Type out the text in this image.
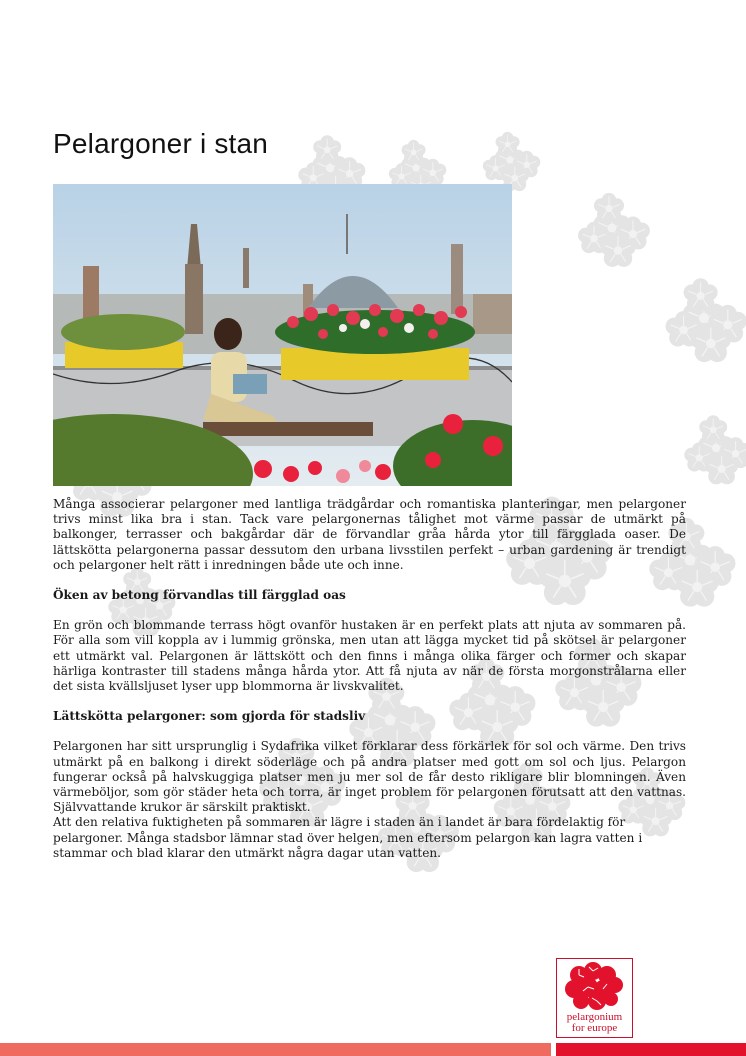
Pelargoner i stan

Många associerar pelargoner med lantliga trädgårdar och romantiska planteringar, men pelargoner trivs minst lika bra i stan. Tack vare pelargonernas tålighet mot värme passar de utmärkt på balkonger, terrasser och bakgårdar där de förvandlar gråa hårda ytor till färgglada oaser. De lättskötta pelargonerna passar dessutom den urbana livsstilen perfekt – urban gardening är trendigt och pelargoner helt rätt i inredningen både ute och inne.

Öken av betong förvandlas till färgglad oas

En grön och blommande terrass högt ovanför hustaken är en perfekt plats att njuta av sommaren på. För alla som vill koppla av i lummig grönska, men utan att lägga mycket tid på skötsel är pelargoner ett utmärkt val. Pelargonen är lättskött och den finns i många olika färger och former och skapar härliga kontraster till stadens många hårda ytor. Att få njuta av när de första morgonstrålarna eller det sista kvällsljuset lyser upp blommorna är livskvalitet.

Lättskötta pelargoner: som gjorda för stadsliv

Pelargonen har sitt ursprunglig i Sydafrika vilket förklarar dess förkärlek för sol och värme. Den trivs utmärkt på en balkong i direkt söderläge och på andra platser med gott om sol och ljus. Pelargon fungerar också på halvskuggiga platser men ju mer sol de får desto rikligare blir blomningen. Även värmeböljor, som gör städer heta och torra, är inget problem för pelargonen förutsatt att den vattnas. Självvattande krukor är särskilt praktiskt.

Att den relativa fuktigheten på sommaren är lägre i staden än i landet är bara fördelaktig för pelargoner. Många stadsbor lämnar stad över helgen, men eftersom pelargon kan lagra vatten i stammar och blad klarar den utmärkt några dagar utan vatten.

pelargonium
for europe
